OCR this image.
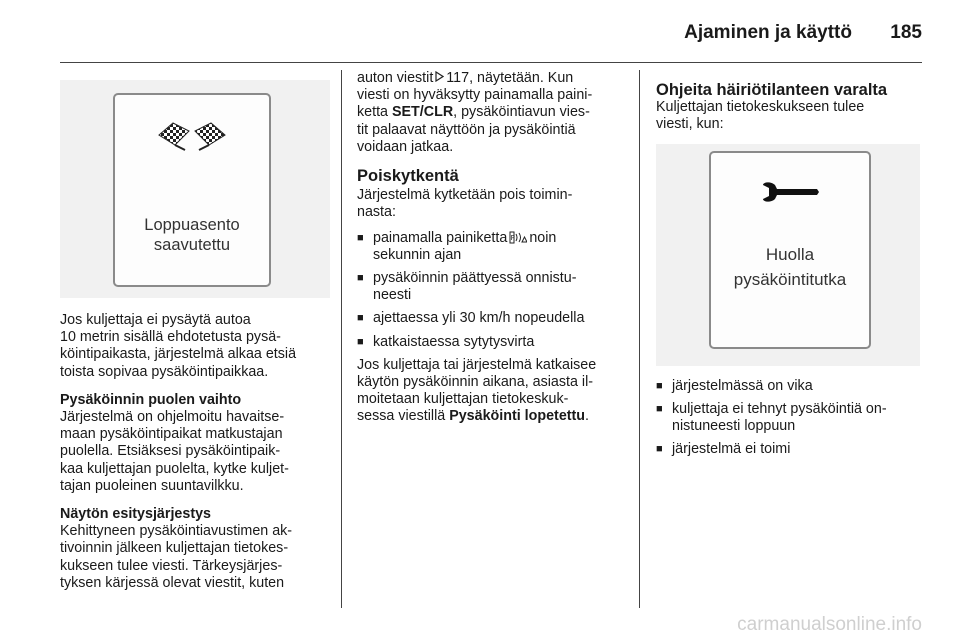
Ajaminen ja käyttö 185
Loppuasento
saavutettu

Jos kuljettaja ei pysäytä autoa
10 metrin sisällä ehdotetusta pysä-
köintipaikasta, järjestelmä alkaa etsiä
toista sopivaa pysäköintipaikkaa.

Pysäköinnin puolen vaihto

Järjestelmä on ohjelmoitu havaitse-
maan pysäköintipaikat matkustajan
puolella. Etsiäksesi pysäköintipaik-
kaa kuljettajan puolelta, kytke kuljet-
tajan puoleinen suuntavilkku.

Näytön esitysjärjestys

Kehittyneen pysäköintiavustimen ak-
tivoinnin jälkeen kuljettajan tietokes-
kukseen tulee viesti. Tärkeysjärjes-
tyksen kärjessä olevat viestit, kuten

auton viestit 117, näytetään. Kun
viesti on hyväksytty painamalla paini-
ketta SET/CLR, pysäköintiavun vies-
tit palaavat näyttöön ja pysäköintiä
voidaan jatkaa.

Poiskytkentä

Järjestelmä kytketään pois toimin-
nasta:

■ painamalla painiketta P noin
sekunnin ajan
■ pysäköinnin päättyessä onnistu-
neesti
■ ajettaessa yli 30 km/h nopeudella
■ katkaistaessa sytytysvirta

Jos kuljettaja tai järjestelmä katkaisee
käytön pysäköinnin aikana, asiasta il-
moitetaan kuljettajan tietokeskuk-
sessa viestillä Pysäköinti lopetettu.

Ohjeita häiriötilanteen varalta

Kuljettajan tietokeskukseen tulee
viesti, kun:

Huolla
pysäköintitutka
■ järjestelmässä on vika
■ kuljettaja ei tehnyt pysäköintiä on-
nistuneesti loppuun
■ järjestelmä ei toimi
carmanualsonline.info
